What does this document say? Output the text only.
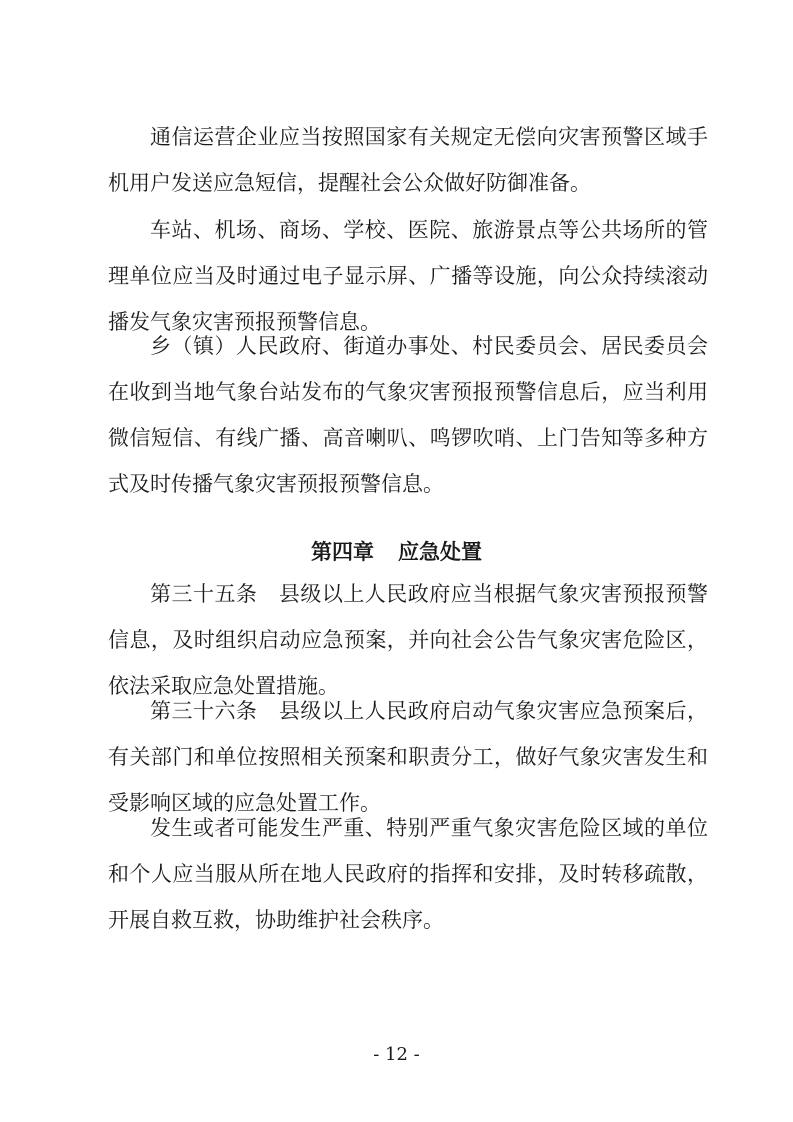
通信运营企业应当按照国家有关规定无偿向灾害预警区域手
机用户发送应急短信，提醒社会公众做好防御准备。
车站、机场、商场、学校、医院、旅游景点等公共场所的管
理单位应当及时通过电子显示屏、广播等设施，向公众持续滚动
播发气象灾害预报预警信息。
乡（镇）人民政府、街道办事处、村民委员会、居民委员会
在收到当地气象台站发布的气象灾害预报预警信息后，应当利用
微信短信、有线广播、高音喇叭、鸣锣吹哨、上门告知等多种方
式及时传播气象灾害预报预警信息。
第四章 应急处置
第三十五条　县级以上人民政府应当根据气象灾害预报预警
信息，及时组织启动应急预案，并向社会公告气象灾害危险区，
依法采取应急处置措施。
第三十六条　县级以上人民政府启动气象灾害应急预案后，
有关部门和单位按照相关预案和职责分工，做好气象灾害发生和
受影响区域的应急处置工作。
发生或者可能发生严重、特别严重气象灾害危险区域的单位
和个人应当服从所在地人民政府的指挥和安排，及时转移疏散，
开展自救互救，协助维护社会秩序。
- 12 -
